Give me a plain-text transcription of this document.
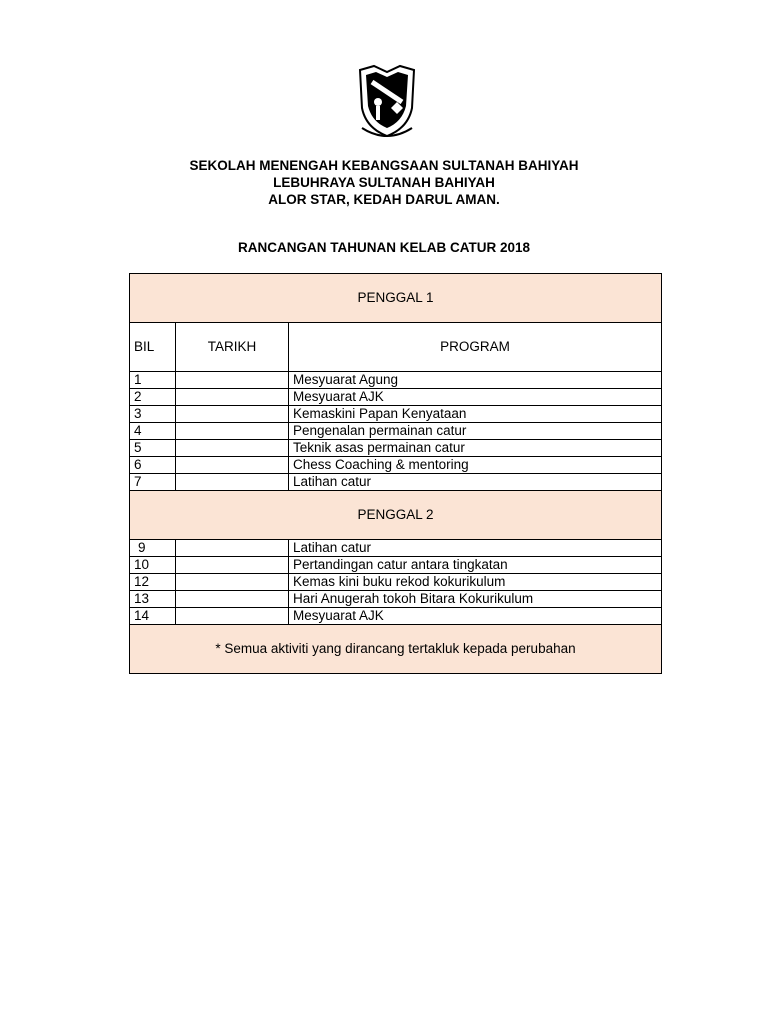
SEKOLAH MENENGAH KEBANGSAAN SULTANAH BAHIYAH
LEBUHRAYA SULTANAH BAHIYAH
ALOR STAR, KEDAH DARUL AMAN.
RANCANGAN TAHUNAN KELAB CATUR 2018
PENGGAL 1		
BIL	TARIKH	PROGRAM
1		Mesyuarat Agung
2		Mesyuarat AJK
3		Kemaskini Papan Kenyataan
4		Pengenalan permainan catur
5		Teknik asas permainan catur
6		Chess Coaching & mentoring
7		Latihan catur
PENGGAL 2		
9		Latihan catur
10		Pertandingan catur antara tingkatan
12		Kemas kini buku rekod kokurikulum
13		Hari Anugerah tokoh Bitara Kokurikulum
14		Mesyuarat AJK
* Semua aktiviti yang dirancang tertakluk kepada perubahan		
